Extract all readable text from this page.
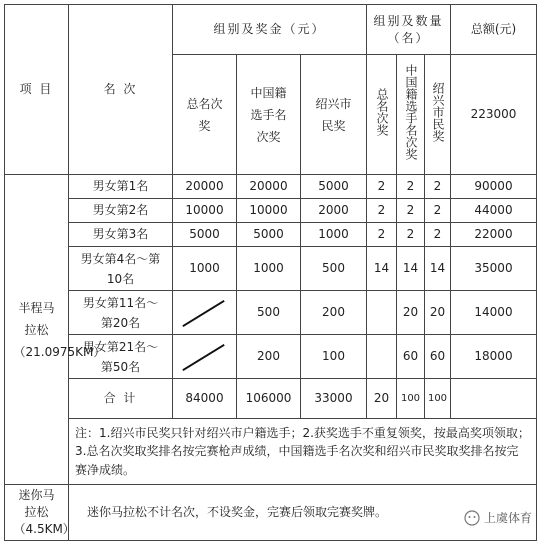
项 目	名 次	组别及奖金（元）			组别及数量（名）			总额(元)

		总名次奖	中国籍选手名次奖	绍兴市民奖	总名次奖	中国籍选手名次奖	绍兴市民奖	223000

半程马拉松（21.0975KM）	男女第1名	20000	20000	5000	2	2	2	90000
	男女第2名	10000	10000	2000	2	2	2	44000
	男女第3名	5000	5000	1000	2	2	2	22000

	男女第4名～第10名	1000	1000	500	14	14	14	35000

	男女第11名～第20名		500	200		20	20	14000

	男女第21名～第50名		200	100		60	60	18000
	合 计	84000	106000	33000	20	100	100	
	注：1.绍兴市民奖只针对绍兴市户籍选手；2.获奖选手不重复领奖，按最高奖项领取；3.总名次奖取奖排名按完赛枪声成绩，中国籍选手名次奖和绍兴市民奖取奖排名按完赛净成绩。							

迷你马拉松（4.5KM）	迷你马拉松不计名次，不设奖金，完赛后领取完赛奖牌。								上虞体育
